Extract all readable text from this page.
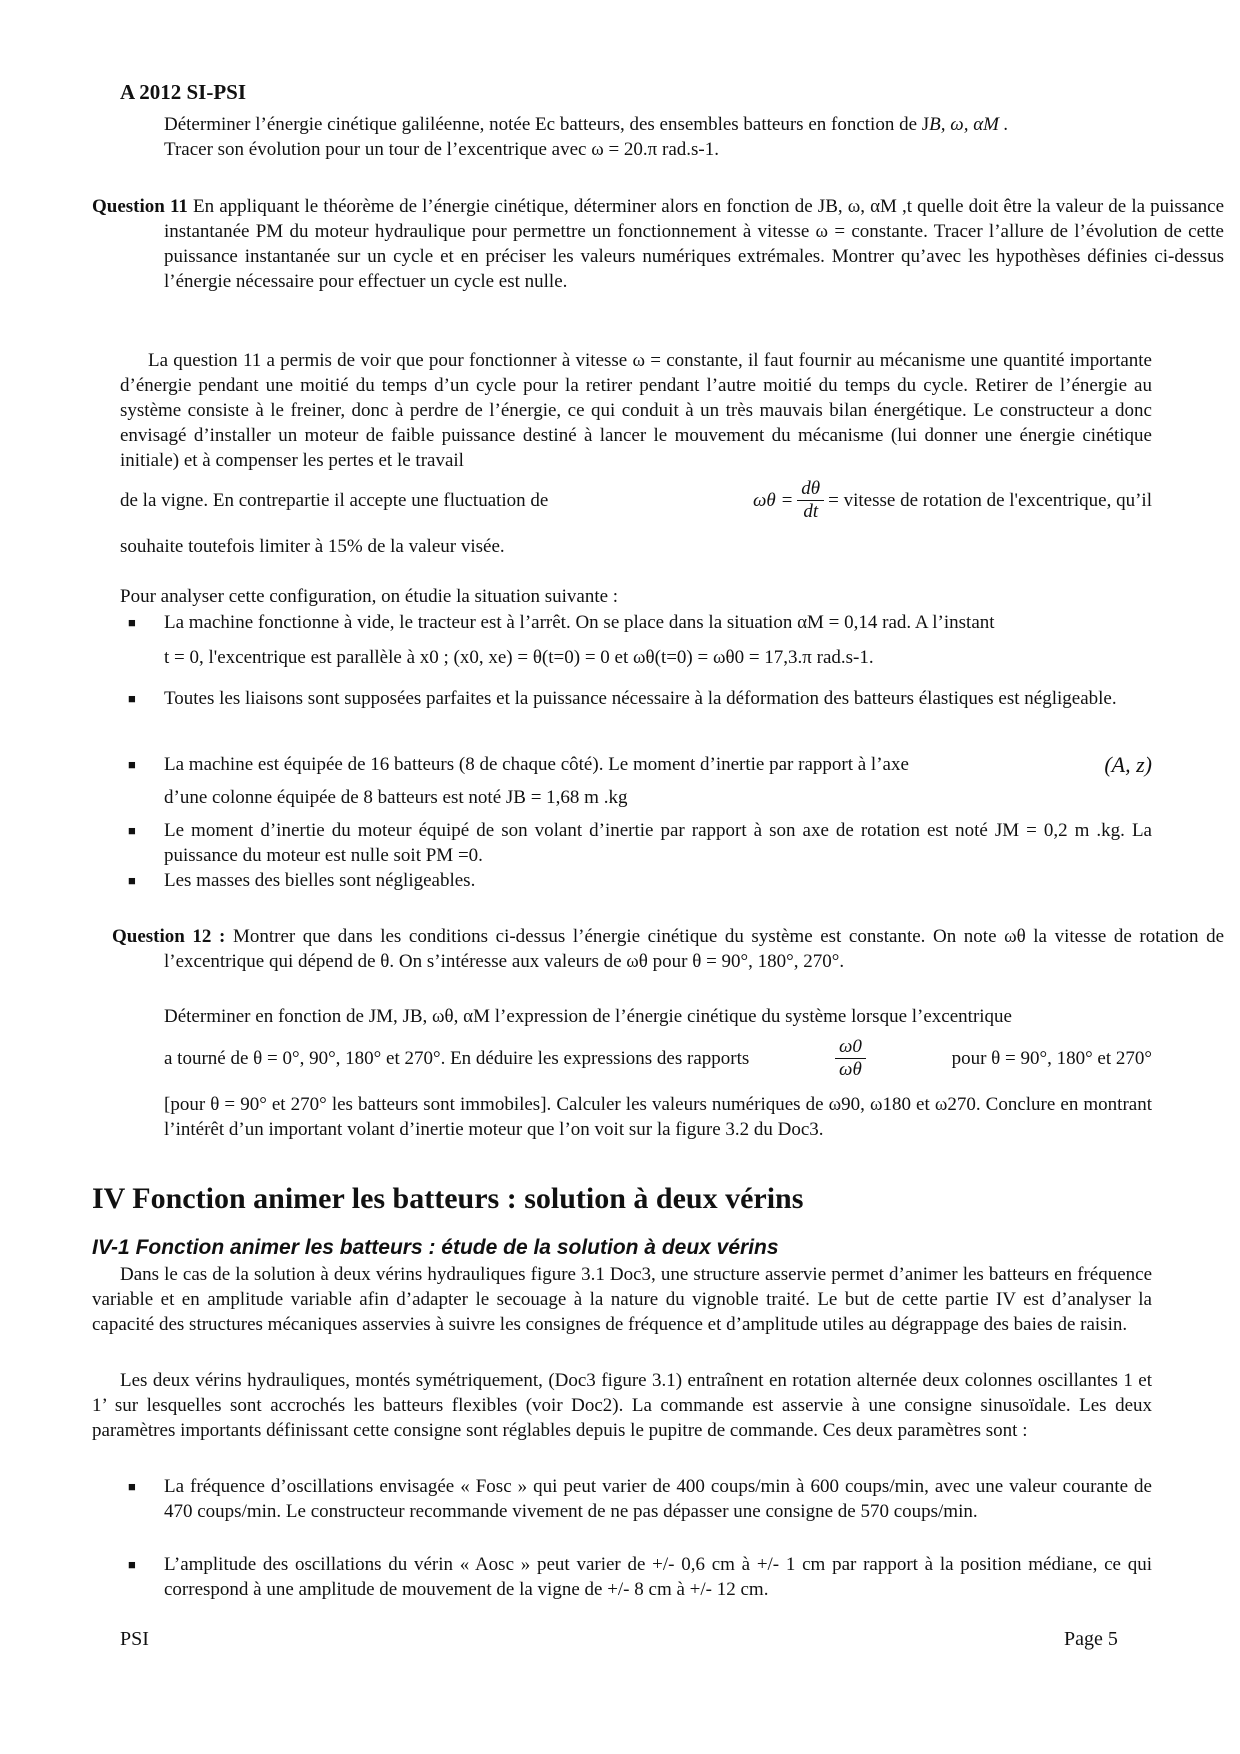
A 2012 SI-PSI
Déterminer l’énergie cinétique galiléenne, notée Ec batteurs, des ensembles batteurs en fonction de JB, ω, αM .
Tracer son évolution pour un tour de l’excentrique avec ω = 20.π rad.s-1.
Question 11 En appliquant le théorème de l’énergie cinétique, déterminer alors en fonction de JB, ω, αM ,t quelle doit être la valeur de la puissance instantanée PM du moteur hydraulique pour permettre un fonctionnement à vitesse ω = constante. Tracer l’allure de l’évolution de cette puissance instantanée sur un cycle et en préciser les valeurs numériques extrémales. Montrer qu’avec les hypothèses définies ci-dessus l’énergie nécessaire pour effectuer un cycle est nulle.
La question 11 a permis de voir que pour fonctionner à vitesse ω = constante, il faut fournir au mécanisme une quantité importante d’énergie pendant une moitié du temps d’un cycle pour la retirer pendant l’autre moitié du temps du cycle. Retirer de l’énergie au système consiste à le freiner, donc à perdre de l’énergie, ce qui conduit à un très mauvais bilan énergétique. Le constructeur a donc envisagé d’installer un moteur de faible puissance destiné à lancer le mouvement du mécanisme (lui donner une énergie cinétique initiale) et à compenser les pertes et le travail
de la vigne. En contrepartie il accepte une fluctuation de	$\omega\theta = \frac{d\theta}{dt}$ = vitesse de rotation de l'excentrique, qu’il
souhaite toutefois limiter à 15% de la valeur visée.
Pour analyser cette configuration, on étudie la situation suivante :
■ La machine fonctionne à vide, le tracteur est à l’arrêt. On se place dans la situation αM = 0,14 rad. A l’instant
t = 0, l'excentrique est parallèle à x0 ; (x0, xe) = θ(t=0) = 0 et ωθ(t=0) = ωθ0 = 17,3.π rad.s-1.
■ Toutes les liaisons sont supposées parfaites et la puissance nécessaire à la déformation des batteurs élastiques est négligeable.
■ La machine est équipée de 16 batteurs (8 de chaque côté). Le moment d’inertie par rapport à l’axe	(A, z)
d’une colonne équipée de 8 batteurs est noté JB = 1,68 m .kg
■ Le moment d’inertie du moteur équipé de son volant d’inertie par rapport à son axe de rotation est noté JM = 0,2 m .kg. La puissance du moteur est nulle soit PM =0.
■ Les masses des bielles sont négligeables.
Question 12 : Montrer que dans les conditions ci-dessus l’énergie cinétique du système est constante. On note ωθ la vitesse de rotation de l’excentrique qui dépend de θ. On s’intéresse aux valeurs de ωθ pour θ = 90°, 180°, 270°.
Déterminer en fonction de JM, JB, ωθ, αM l’expression de l’énergie cinétique du système lorsque l’excentrique
a tourné de θ = 0°, 90°, 180° et 270°. En déduire les expressions des rapports	$\frac{\omega 0}{\omega\theta}$	pour θ = 90°, 180° et 270°
[pour θ = 90° et 270° les batteurs sont immobiles]. Calculer les valeurs numériques de ω90, ω180 et ω270. Conclure en montrant l’intérêt d’un important volant d’inertie moteur que l’on voit sur la figure 3.2 du Doc3.
IV Fonction animer les batteurs : solution à deux vérins
IV-1 Fonction animer les batteurs : étude de la solution à deux vérins
Dans le cas de la solution à deux vérins hydrauliques figure 3.1 Doc3, une structure asservie permet d’animer les batteurs en fréquence variable et en amplitude variable afin d’adapter le secouage à la nature du vignoble traité. Le but de cette partie IV est d’analyser la capacité des structures mécaniques asservies à suivre les consignes de fréquence et d’amplitude utiles au dégrappage des baies de raisin.
Les deux vérins hydrauliques, montés symétriquement, (Doc3 figure 3.1) entraînent en rotation alternée deux colonnes oscillantes 1 et 1’ sur lesquelles sont accrochés les batteurs flexibles (voir Doc2). La commande est asservie à une consigne sinusoïdale. Les deux paramètres importants définissant cette consigne sont réglables depuis le pupitre de commande. Ces deux paramètres sont :
■ La fréquence d’oscillations envisagée « Fosc » qui peut varier de 400 coups/min à 600 coups/min, avec une valeur courante de 470 coups/min. Le constructeur recommande vivement de ne pas dépasser une consigne de 570 coups/min.
■ L’amplitude des oscillations du vérin « Aosc » peut varier de +/- 0,6 cm à +/- 1 cm par rapport à la position médiane, ce qui correspond à une amplitude de mouvement de la vigne de +/- 8 cm à +/- 12 cm.
PSI	Page 5
